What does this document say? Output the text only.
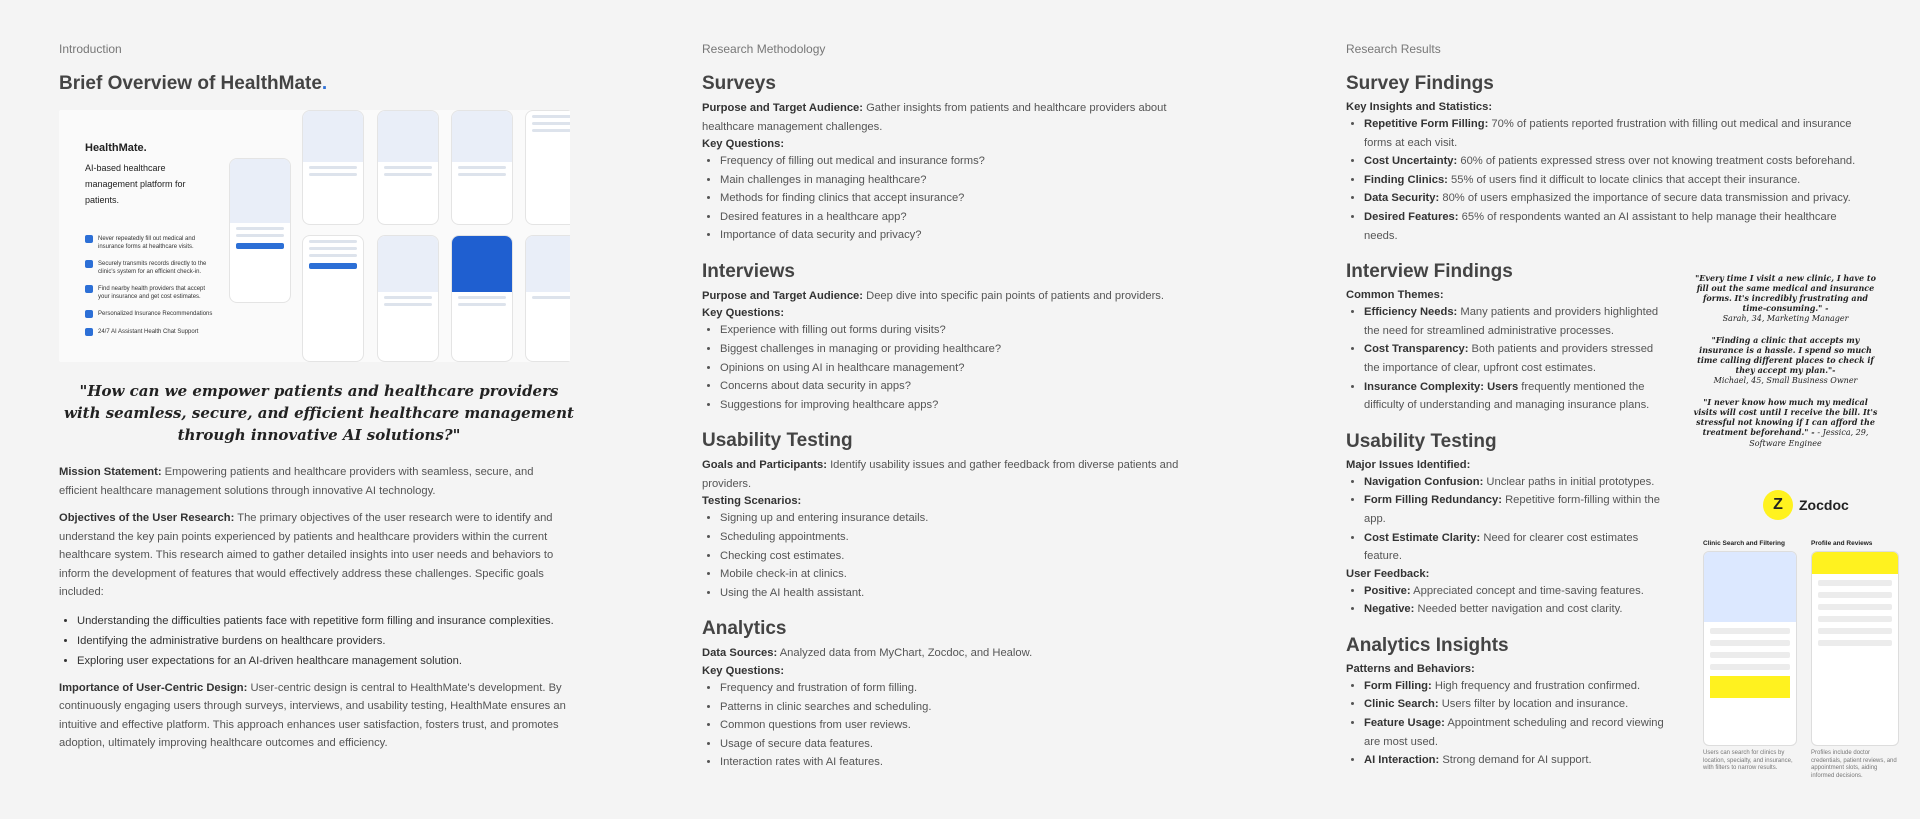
Introduction
Brief Overview of HealthMate.
HealthMate.
AI-based healthcare management platform for patients.
Never repeatedly fill out medical and insurance forms at healthcare visits.
Securely transmits records directly to the clinic's system for an efficient check-in.
Find nearby health providers that accept your insurance and get cost estimates.
Personalized Insurance Recommendations
24/7 AI Assistant Health Chat Support
"How can we empower patients and healthcare providers with seamless, secure, and efficient healthcare management through innovative AI solutions?"

Mission Statement: Empowering patients and healthcare providers with seamless, secure, and efficient healthcare management solutions through innovative AI technology.

Objectives of the User Research: The primary objectives of the user research were to identify and understand the key pain points experienced by patients and healthcare providers within the current healthcare system. This research aimed to gather detailed insights into user needs and behaviors to inform the development of features that would effectively address these challenges. Specific goals included:

• Understanding the difficulties patients face with repetitive form filling and insurance complexities.
• Identifying the administrative burdens on healthcare providers.
• Exploring user expectations for an AI-driven healthcare management solution.

Importance of User-Centric Design: User-centric design is central to HealthMate's development. By continuously engaging users through surveys, interviews, and usability testing, HealthMate ensures an intuitive and effective platform. This approach enhances user satisfaction, fosters trust, and promotes adoption, ultimately improving healthcare outcomes and efficiency.

Research Methodology
Surveys

Purpose and Target Audience: Gather insights from patients and healthcare providers about healthcare management challenges.

Key Questions:
• Frequency of filling out medical and insurance forms?
• Main challenges in managing healthcare?
• Methods for finding clinics that accept insurance?
• Desired features in a healthcare app?
• Importance of data security and privacy?
Interviews

Purpose and Target Audience: Deep dive into specific pain points of patients and providers.

Key Questions:
• Experience with filling out forms during visits?
• Biggest challenges in managing or providing healthcare?
• Opinions on using AI in healthcare management?
• Concerns about data security in apps?
• Suggestions for improving healthcare apps?
Usability Testing

Goals and Participants: Identify usability issues and gather feedback from diverse patients and providers.

Testing Scenarios:
• Signing up and entering insurance details.
• Scheduling appointments.
• Checking cost estimates.
• Mobile check-in at clinics.
• Using the AI health assistant.
Analytics

Data Sources: Analyzed data from MyChart, Zocdoc, and Healow.

Key Questions:
• Frequency and frustration of form filling.
• Patterns in clinic searches and scheduling.
• Common questions from user reviews.
• Usage of secure data features.
• Interaction rates with AI features.
Research Results
Survey Findings
Key Insights and Statistics:
• Repetitive Form Filling: 70% of patients reported frustration with filling out medical and insurance forms at each visit.
• Cost Uncertainty: 60% of patients expressed stress over not knowing treatment costs beforehand.
• Finding Clinics: 55% of users find it difficult to locate clinics that accept their insurance.
• Data Security: 80% of users emphasized the importance of secure data transmission and privacy.
• Desired Features: 65% of respondents wanted an AI assistant to help manage their healthcare needs.
Interview Findings
Common Themes:
• Efficiency Needs: Many patients and providers highlighted the need for streamlined administrative processes.
• Cost Transparency: Both patients and providers stressed the importance of clear, upfront cost estimates.
• Insurance Complexity: Users frequently mentioned the difficulty of understanding and managing insurance plans.
Usability Testing
Major Issues Identified:
• Navigation Confusion: Unclear paths in initial prototypes.
• Form Filling Redundancy: Repetitive form-filling within the app.
• Cost Estimate Clarity: Need for clearer cost estimates feature.
User Feedback:
• Positive: Appreciated concept and time-saving features.
• Negative: Needed better navigation and cost clarity.
Analytics Insights
Patterns and Behaviors:
• Form Filling: High frequency and frustration confirmed.
• Clinic Search: Users filter by location and insurance.
• Feature Usage: Appointment scheduling and record viewing are most used.
• AI Interaction: Strong demand for AI support.
"Every time I visit a new clinic, I have to fill out the same medical and insurance forms. It's incredibly frustrating and time-consuming." -
Sarah, 34, Marketing Manager
"Finding a clinic that accepts my insurance is a hassle. I spend so much time calling different places to check if they accept my plan."-
Michael, 45, Small Business Owner
"I never know how much my medical visits will cost until I receive the bill. It's stressful not knowing if I can afford the treatment beforehand." - - Jessica, 29, Software Enginee
Z	Zocdoc
Clinic Search and Filtering
Users can search for clinics by location, specialty, and insurance, with filters to narrow results.
Profile and Reviews
Profiles include doctor credentials, patient reviews, and appointment slots, aiding informed decisions.
